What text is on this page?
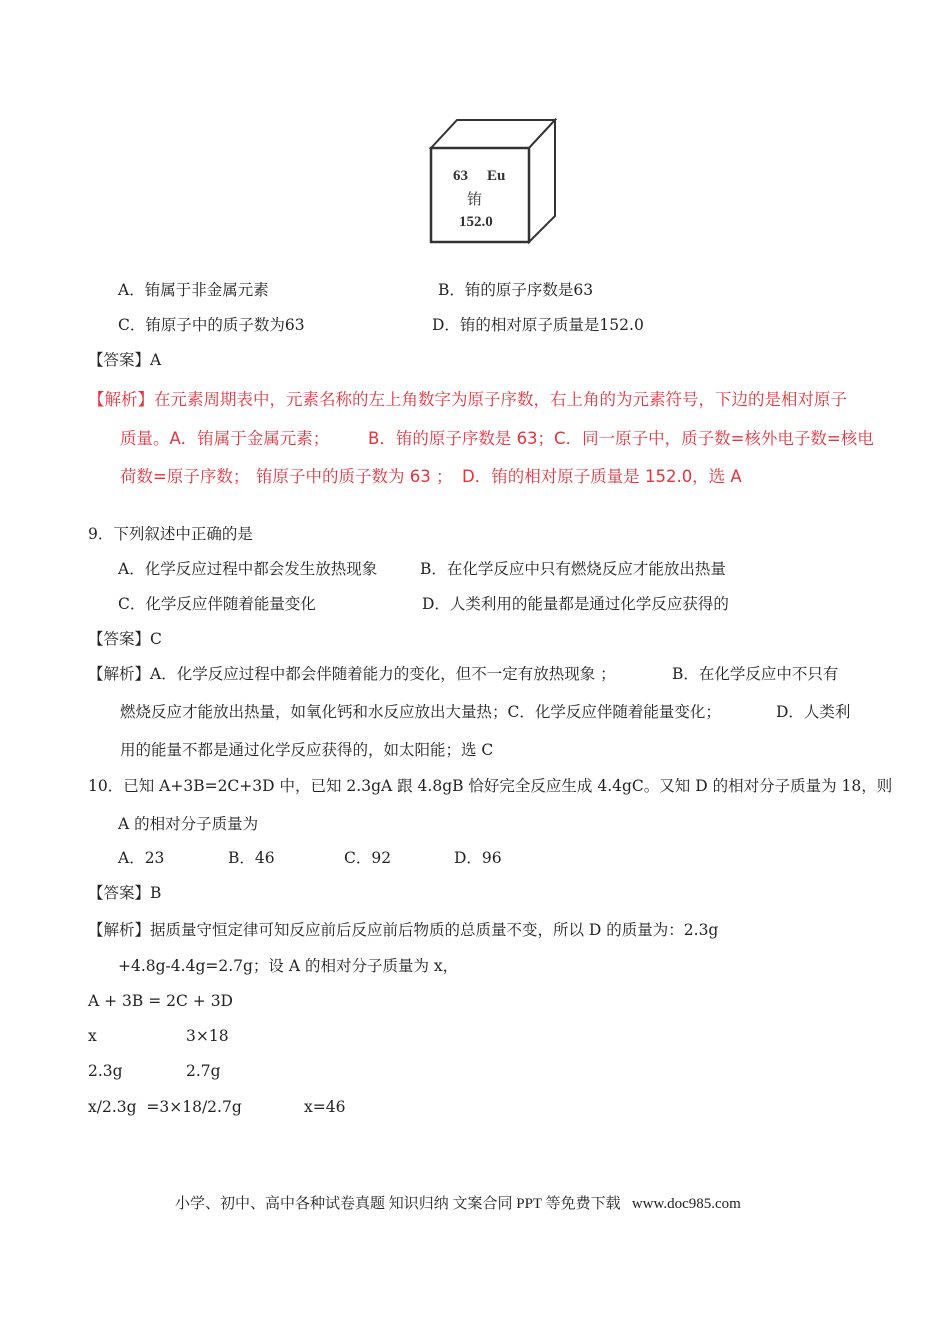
63 Eu
铕
152.0
A．铕属于非金属元素	B．铕的原子序数是63
C．铕原子中的质子数为63	D．铕的相对原子质量是152.0
【答案】A
【解析】在元素周期表中，元素名称的左上角数字为原子序数，右上角的为元素符号，下边的是相对原子
质量。A．铕属于金属元素； B．铕的原子序数是 63；C．同一原子中，质子数=核外电子数=核电
荷数=原子序数； 铕原子中的质子数为 63 ； D．铕的相对原子质量是 152.0，选 A
9．下列叙述中正确的是
A．化学反应过程中都会发生放热现象	B．在化学反应中只有燃烧反应才能放出热量
C．化学反应伴随着能量变化	D．人类利用的能量都是通过化学反应获得的
【答案】C
【解析】A．化学反应过程中都会伴随着能力的变化，但不一定有放热现象 ；	B．在化学反应中不只有
燃烧反应才能放出热量，如氧化钙和水反应放出大量热；C．化学反应伴随着能量变化；	D．人类利
用的能量不都是通过化学反应获得的，如太阳能；选 C
10．已知 A+3B=2C+3D 中，已知 2.3gA 跟 4.8gB 恰好完全反应生成 4.4gC。又知 D 的相对分子质量为 18，则
A 的相对分子质量为
A．23	B．46	C．92	D．96
【答案】B
【解析】据质量守恒定律可知反应前后反应前后物质的总质量不变，所以 D 的质量为：2.3g
+4.8g-4.4g=2.7g；设 A 的相对分子质量为 x，
A + 3B = 2C + 3D
x	3×18
2.3g	2.7g
x/2.3g  =3×18/2.7g	x=46
小学、初中、高中各种试卷真题 知识归纳 文案合同 PPT 等免费下载   www.doc985.com
